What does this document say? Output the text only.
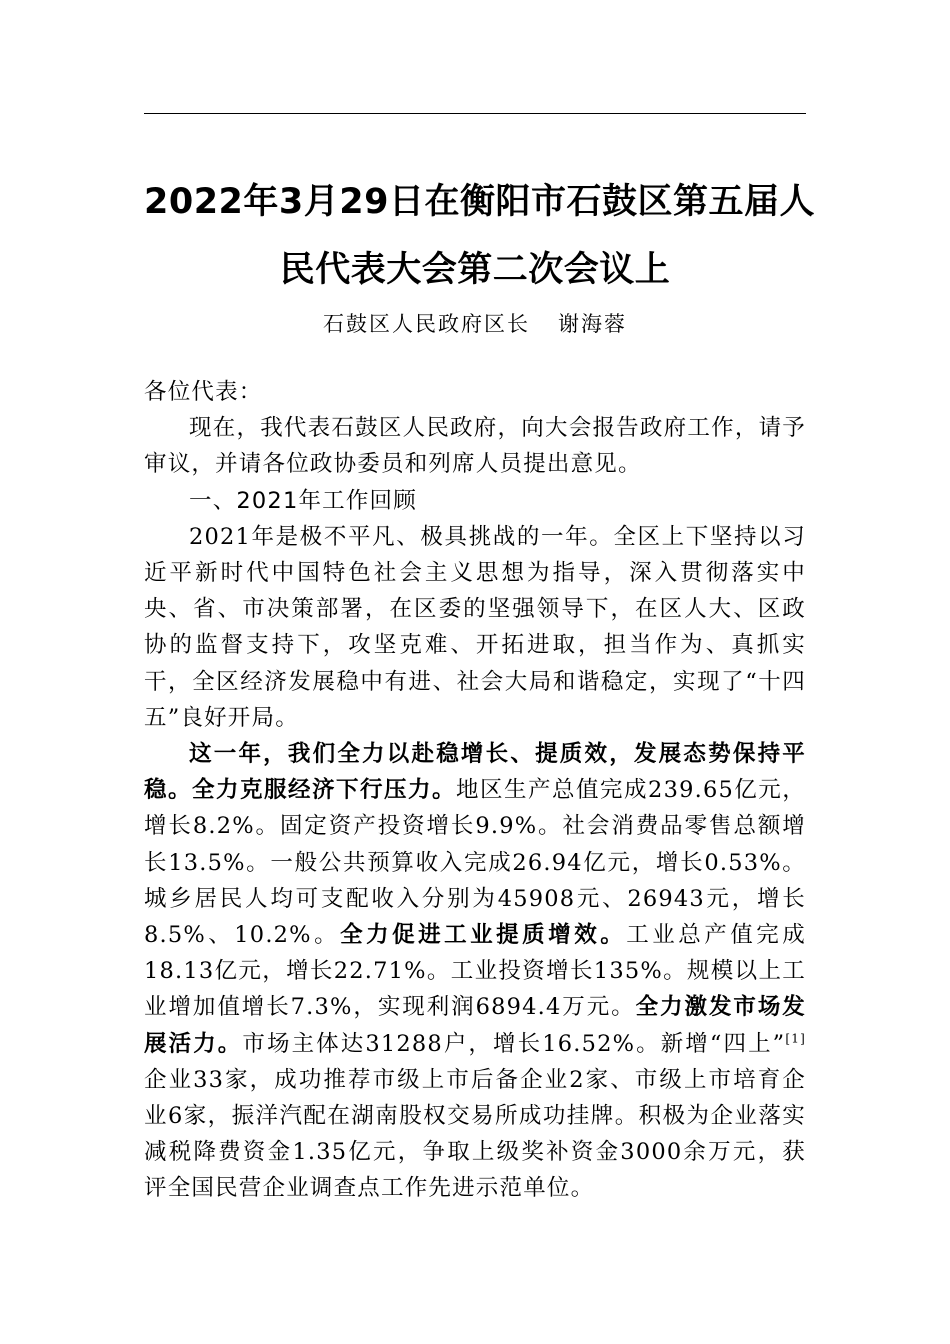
2022年3月29日在衡阳市石鼓区第五届人
民代表大会第二次会议上
石鼓区人民政府区长 谢海蓉

各位代表：

现在，我代表石鼓区人民政府，向大会报告政府工作，请予审议，并请各位政协委员和列席人员提出意见。

一、2021年工作回顾

2021年是极不平凡、极具挑战的一年。全区上下坚持以习近平新时代中国特色社会主义思想为指导，深入贯彻落实中央、省、市决策部署，在区委的坚强领导下，在区人大、区政协的监督支持下，攻坚克难、开拓进取，担当作为、真抓实干，全区经济发展稳中有进、社会大局和谐稳定，实现了“十四五”良好开局。

这一年，我们全力以赴稳增长、提质效，发展态势保持平稳。全力克服经济下行压力。地区生产总值完成239.65亿元，增长8.2%。固定资产投资增长9.9%。社会消费品零售总额增长13.5%。一般公共预算收入完成26.94亿元，增长0.53%。城乡居民人均可支配收入分别为45908元、26943元，增长8.5%、10.2%。全力促进工业提质增效。工业总产值完成18.13亿元，增长22.71%。工业投资增长135%。规模以上工业增加值增长7.3%，实现利润6894.4万元。全力激发市场发展活力。市场主体达31288户，增长16.52%。新增“四上”[1]企业33家，成功推荐市级上市后备企业2家、市级上市培育企业6家，振洋汽配在湖南股权交易所成功挂牌。积极为企业落实减税降费资金1.35亿元，争取上级奖补资金3000余万元，获评全国民营企业调查点工作先进示范单位。
